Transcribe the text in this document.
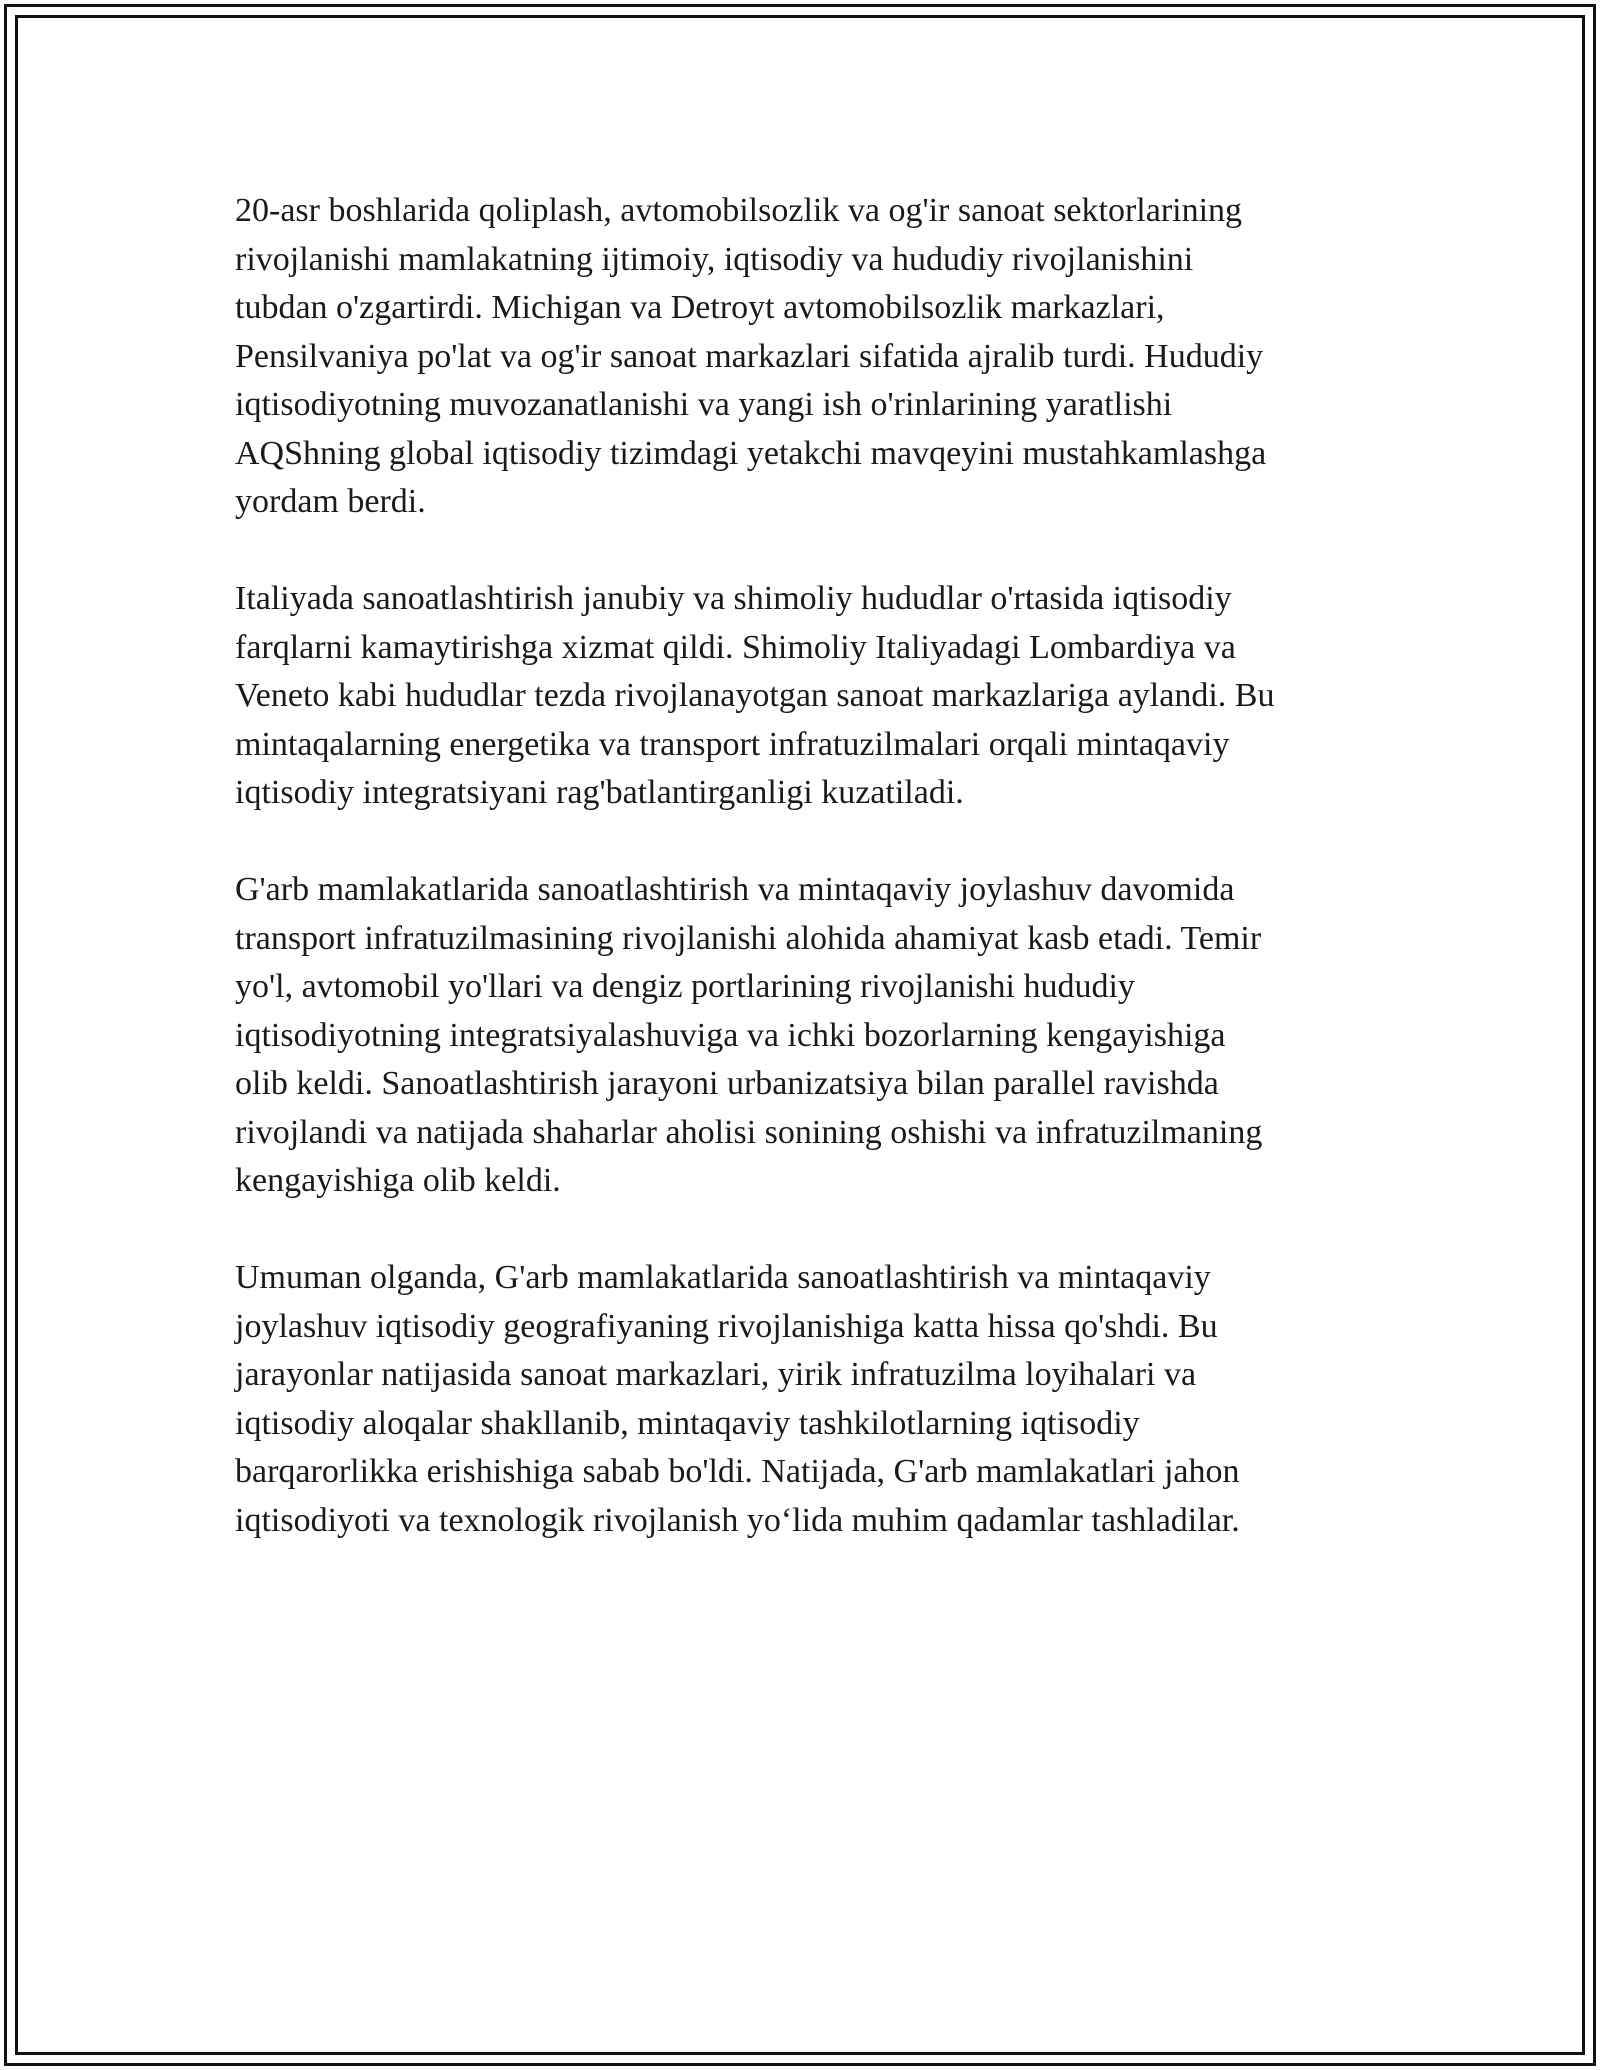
20-asr boshlarida qoliplash, avtomobilsozlik va og'ir sanoat sektorlarining
rivojlanishi mamlakatning ijtimoiy, iqtisodiy va hududiy rivojlanishini
tubdan o'zgartirdi. Michigan va Detroyt avtomobilsozlik markazlari,
Pensilvaniya po'lat va og'ir sanoat markazlari sifatida ajralib turdi. Hududiy
iqtisodiyotning muvozanatlanishi va yangi ish o'rinlarining yaratlishi
AQShning global iqtisodiy tizimdagi yetakchi mavqeyini mustahkamlashga
yordam berdi.

Italiyada sanoatlashtirish janubiy va shimoliy hududlar o'rtasida iqtisodiy
farqlarni kamaytirishga xizmat qildi. Shimoliy Italiyadagi Lombardiya va
Veneto kabi hududlar tezda rivojlanayotgan sanoat markazlariga aylandi. Bu
mintaqalarning energetika va transport infratuzilmalari orqali mintaqaviy
iqtisodiy integratsiyani rag'batlantirganligi kuzatiladi.

G'arb mamlakatlarida sanoatlashtirish va mintaqaviy joylashuv davomida
transport infratuzilmasining rivojlanishi alohida ahamiyat kasb etadi. Temir
yo'l, avtomobil yo'llari va dengiz portlarining rivojlanishi hududiy
iqtisodiyotning integratsiyalashuviga va ichki bozorlarning kengayishiga
olib keldi. Sanoatlashtirish jarayoni urbanizatsiya bilan parallel ravishda
rivojlandi va natijada shaharlar aholisi sonining oshishi va infratuzilmaning
kengayishiga olib keldi.

Umuman olganda, G'arb mamlakatlarida sanoatlashtirish va mintaqaviy
joylashuv iqtisodiy geografiyaning rivojlanishiga katta hissa qo'shdi. Bu
jarayonlar natijasida sanoat markazlari, yirik infratuzilma loyihalari va
iqtisodiy aloqalar shakllanib, mintaqaviy tashkilotlarning iqtisodiy
barqarorlikka erishishiga sabab bo'ldi. Natijada, G'arb mamlakatlari jahon
iqtisodiyoti va texnologik rivojlanish yo‘lida muhim qadamlar tashladilar.
